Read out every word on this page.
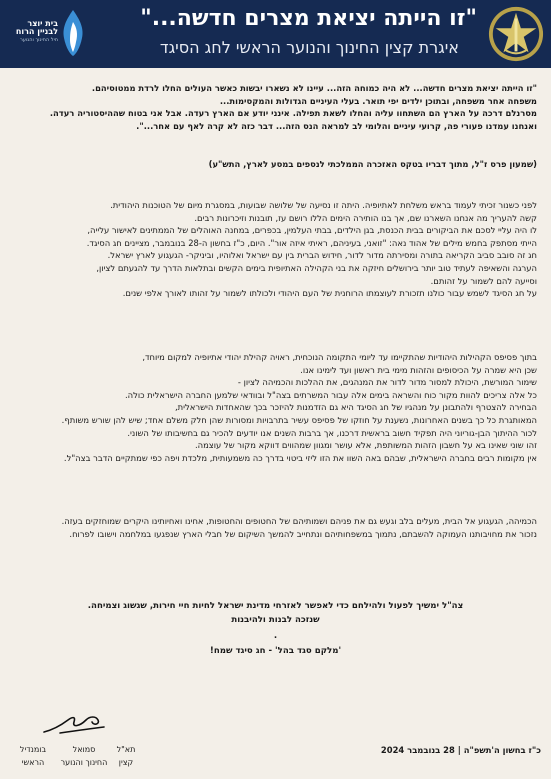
"זו הייתה יציאת מצרים חדשה..."
איגרת קצין החינוך והנוער הראשי לחג הסיגד
בית יוצר
לבניין הרוח
חיל החינוך והנוער

"זו הייתה יציאת מצרים חדשה... לא היה כמוחה הזה... עיינו לא נשארו יבשות כאשר העולים החלו לרדת ממטוסיהם.

משפחה אחר משפחה, ובתוכן ילדים יפי תואר. בעלי העיניים הגדולות והמקסימות...

מסרנלם דרכה על הארץ הם השתחוו עליה והחלו לשאת תפילה. אינני יודע אם הארץ רעדה. אבל אני בטוח שההיסטוריה רעדה.

ואנחנו עמדנו פעורי פה, קרועי עיניים והלומי לב למראה הנס הזה... דבר כזה לא קרה לאף עם אחר...".

(שמעון פרס ז"ל, מתוך דבריו בטקס האזכרה הממלכתי לנספים במסע לארץ, התש"ע)

לפני כשנור זכיתי לעמוד בראש משלחת לאתיופיה. היתה זו נסיעה של שלושה שבועות, במסגרת מיום של הטוכנות היהודית.

קשה להעריך מה אנחנו השארנו שם, אך בנו הותירה הימים הללו רושם עז, תובנות וזיכרונות רבים.

לו היה עליי לסכם את הביקורים בבית הכנסת, בגן הילדים, בבתי העלמין, בכפרים, במחנה האוהלים של הממתינים לאישור עלייה,

הייתי מסתפק בחמש מילים של אהוד נאה: "זואני, בעיניהם, ראיתי איזה אור". היום, כ"ז בחשון ה-28 בנובמבר, מציינים חג הסיגד.

חג זה סובב סביב הקריאה בתורה ומסירתה מדור לדור, חידוש הברית בין עם ישראל ואלוהיו, וביניקר- הגעגוע לארץ ישראל.

הערגה והשאיפה לעתיד טוב יותר בירושלים חיזקה את בני הקהילה האתיופית בימים הקשים ובתלאות הדרך עד להגעתם לציון,

וסייעה להם לשמור על זהותם.

על חג הסיגד לשמש עבור כולנו תזכורת לעוצמתו הרוחנית של העם היהודי ולכולתו לשמור על זהותו לאורך אלפי שנים.

בתוך פסיפס הקהילות היהודיות שהתקיימו עד ליומי התקומה הנוכחית, ראויה קהילת יהודי אתיופיה למקום מיוחד,

שכן היא שמרה על הכיסופים והזהות מימי בית ראשון ועד לימינו אנו.

שימור המורשת, היכולת למסור מדור לדור את המנהגים, את ההלכות והכמיהה לציון -

כל אלה צריכים להוות מקור כוח והשראה בימים אלה עבור המשרתים בצה"ל ובוודאי שלמען החברה הישראלית כולה.

הבחירה להצטרף ולהתבונן על מנהגיו של חג הסיגד היא גם הזדמנות להיזכר בכך שהאחדות הישראלית,

המאותגרת כל כך בשנים האחרונות, נשענת על חוזקו של פסיפס עשיר בתרבויות ומסורות שהן חלק משלם אחד; שיש להן שורש משותף.

לכור ההיתוך הבן-גוריוני היה תפקיד חשוב בראשית דרכנו, אך ברבות השנים אנו יודעים להכיר גם בחשיבותו של השוני.

זהו שוני שאינו בא על חשבון הזהות המשותפת, אלא עושר ומגוון שמהווים דווקא מקור של עוצמה.

אין מקומות רבים בחברה הישראלית, שבהם באה השוו את הזו ליזי ביטוי בדרך כה משמעותית, מלכדת ויפה כפי שמתקיים הדבר בצה"ל.

הכמיהה, הגעגוע אל הבית, מעלים בלב וגעש גם את פניהם ושמותיהם של החטופים והחטופות, אחינו ואחיותינו היקרים שמוחזקים בעזה.

נזכור את מחויבותנו העמוקה להשבתם, נתמוך במשפחותיהם ונתחייב להמשך השיקום של חבלי הארץ שנפגעו במלחמה וישובו לפרוח.

צה"ל ימשיך לפעול ולהילחם כדי לאפשר לאזרחי מדינת ישראל לחיות חיי חירות, שגשוג וצמיחה.
שנזכה לבנות ולהיבנות
.
'מלקם סגד בהל' - חג סיגד שמח!
כ"ז בחשון ה'תשפ"ה | 28 בנובמבר 2024
תא"ל
קצין
סמואל
החינוך והנוער
בומנדיל
הראשי
